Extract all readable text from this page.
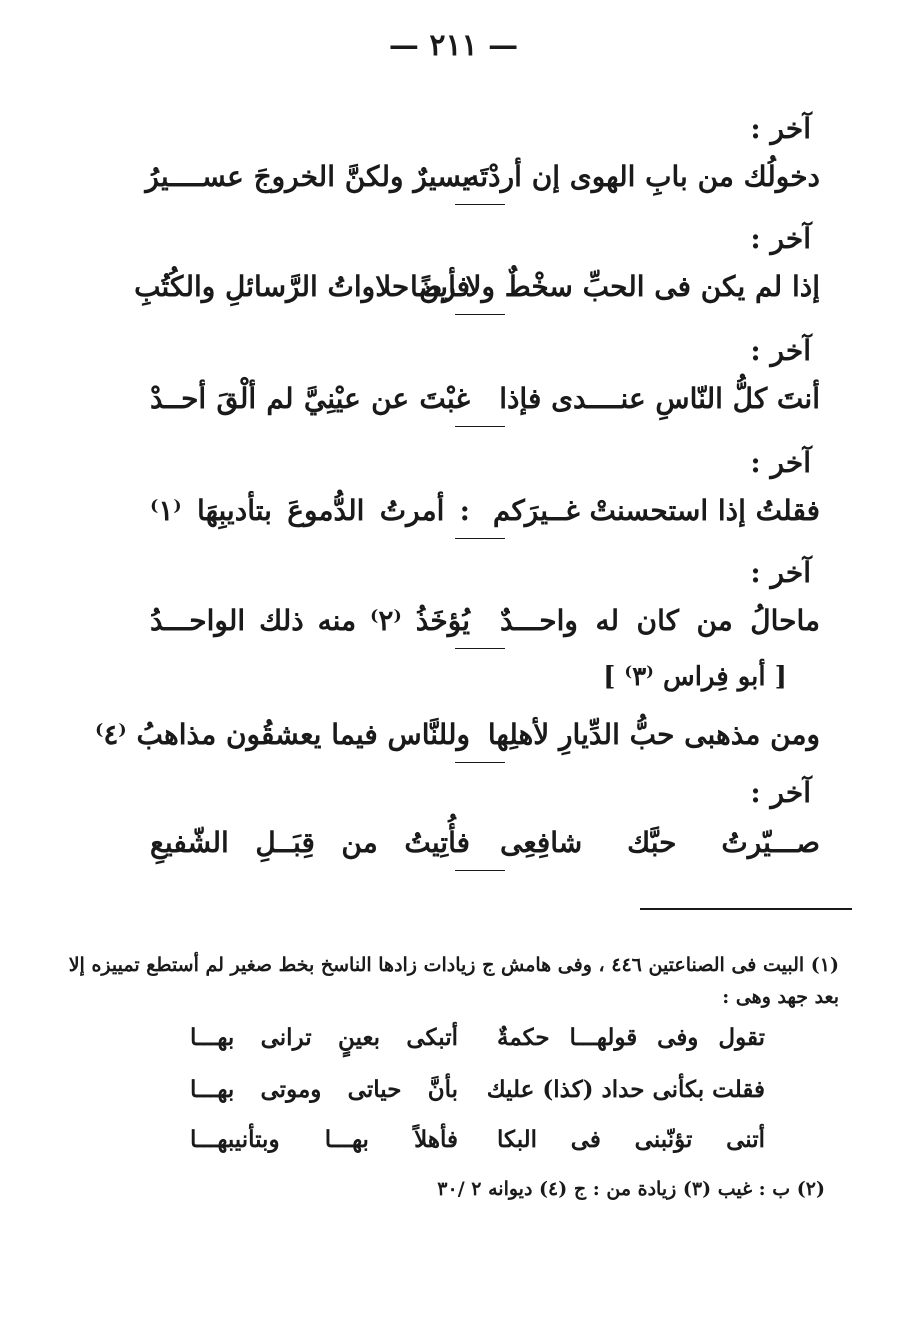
— ٢١١ —
آخر :
دخولُك من بابِ الهوى إن أردْتَه
يسيرٌ ولكنَّ الخروجَ عســــيرُ
آخر :
إذا لم يكن فى الحبِّ سخْطٌ ولا رضًا
فأين حلاواتُ الرَّسائلِ والكُتُبِ
آخر :
أنتَ كلُّ النّاسِ عنــــدى فإذا
غبْتَ عن عيْنِيَّ لم ألْقَ أحــدْ
آخر :
فقلتُ إذا استحسنتْ غــيرَكم
: أمرتُ الدُّموعَ بتأديبِهَا ⁽١⁾
آخر :
ماحالُ من كان له واحـــدٌ
يُؤخَذُ ⁽٢⁾ منه ذلك الواحـــدُ
[ أبو فِراس ⁽٣⁾ ]
ومن مذهبى حبُّ الدِّيارِ لأهلِها
وللنَّاس فيما يعشقُون مذاهبُ ⁽٤⁾
آخر :
صـــيّرتُ حبَّك شافِعِى
فأُتِيتُ من قِبَــلِ الشّفيعِ
(١) البيت فى الصناعتين ٤٤٦ ، وفى هامش ج زيادات زادها الناسخ بخط صغير لم أستطع تمييزه إلا
بعد جهد وهى :
تقول وفى قولهـــا حكمةٌ
أتبكى بعينٍ ترانى بهـــا
فقلت بكأنى حداد (كذا) عليك
بأنَّ حياتى وموتى بهـــا
أتنى تؤنّبنى فى البكا
فأهلاً بهـــا وبتأنيبهـــا
(٢) ب : غيب (٣) زيادة من : ج (٤) ديوانه ٢ /٣٠
